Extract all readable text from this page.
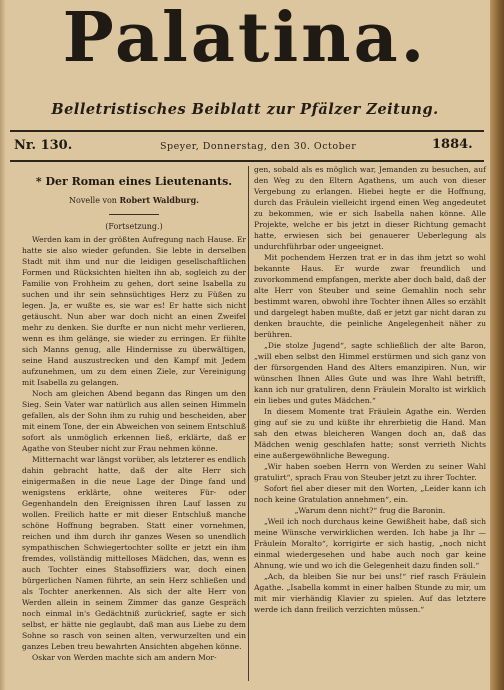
Palatina.
Belletristisches Beiblatt zur Pfälzer Zeitung.
Nr. 130.	Speyer, Donnerstag, den 30. October	1884.
* Der Roman eines Lieutenants.
Novelle von Robert Waldburg.
(Fortsetzung.)

Werden kam in der größten Aufregung nach Hause. Er hatte sie also wieder gefunden. Sie lebte in derselben Stadt mit ihm und nur die leidigen gesellschaftlichen Formen und Rücksichten hielten ihn ab, sogleich zu der Familie von Frohheim zu gehen, dort seine Isabella zu suchen und ihr sein sehnsüchtiges Herz zu Füßen zu legen. Ja, er wußte es, sie war es! Er hatte sich nicht getäuscht. Nun aber war doch nicht an einen Zweifel mehr zu denken. Sie durfte er nun nicht mehr verlieren, wenn es ihm gelänge, sie wieder zu erringen. Er fühlte sich Manns genug, alle Hindernisse zu überwältigen, seine Hand auszustrecken und den Kampf mit Jedem aufzunehmen, um zu dem einen Ziele, zur Vereinigung mit Isabella zu gelangen.

Noch am gleichen Abend begann das Ringen um den Sieg. Sein Vater war natürlich aus allen seinen Himmeln gefallen, als der Sohn ihm zu ruhig und bescheiden, aber mit einem Tone, der ein Abweichen von seinem Entschluß sofort als unmöglich erkennen ließ, erklärte, daß er Agathe von Steuber nicht zur Frau nehmen könne.

Mitternacht war längst vorüber, als letzterer es endlich dahin gebracht hatte, daß der alte Herr sich einigermaßen in die neue Lage der Dinge fand und wenigstens erklärte, ohne weiteres Für- oder Gegenhandeln den Ereignissen ihren Lauf lassen zu wollen. Freilich hatte er mit dieser Entschluß manche schöne Hoffnung begraben. Statt einer vornehmen, reichen und ihm durch ihr ganzes Wesen so unendlich sympathischen Schwiegertochter sollte er jetzt ein ihm fremdes, vollständig mittelloses Mädchen, das, wenn es auch Tochter eines Stabsoffiziers war, doch einen bürgerlichen Namen führte, an sein Herz schließen und als Tochter anerkennen. Als sich der alte Herr von Werden allein in seinem Zimmer das ganze Gespräch noch einmal in's Gedächtniß zurückrief, sagte er sich selbst, er hätte nie geglaubt, daß man aus Liebe zu dem Sohne so rasch von seinen alten, verwurzelten und ein ganzes Leben treu bewahrten Ansichten abgehen könne.

Oskar von Werden machte sich am andern Mor-

gen, sobald als es möglich war, Jemanden zu besuchen, auf den Weg zu den Eltern Agathens, um auch von dieser Vergebung zu erlangen. Hiebei hegte er die Hoffnung, durch das Fräulein vielleicht irgend einen Weg angedeutet zu bekommen, wie er sich Isabella nahen könne. Alle Projekte, welche er bis jetzt in dieser Richtung gemacht hatte, erwiesen sich bei genauerer Ueberlegung als undurchführbar oder ungeeignet.

Mit pochendem Herzen trat er in das ihm jetzt so wohl bekannte Haus. Er wurde zwar freundlich und zuvorkommend empfangen, merkte aber doch bald, daß der alte Herr von Steuber und seine Gemahlin noch sehr bestimmt waren, obwohl ihre Tochter ihnen Alles so erzählt und dargelegt haben mußte, daß er jetzt gar nicht daran zu denken brauchte, die peinliche Angelegenheit näher zu berühren.

„Die stolze Jugend“, sagte schließlich der alte Baron, „will eben selbst den Himmel erstürmen und sich ganz von der fürsorgenden Hand des Alters emanzipiren. Nun, wir wünschen Ihnen Alles Gute und was Ihre Wahl betrifft, kann ich nur gratuliren, denn Fräulein Moralto ist wirklich ein liebes und gutes Mädchen.“

In diesem Momente trat Fräulein Agathe ein. Werden ging auf sie zu und küßte ihr ehrerbietig die Hand. Man sah den etwas bleicheren Wangen doch an, daß das Mädchen wenig geschlafen hatte; sonst verrieth Nichts eine außergewöhnliche Bewegung.

„Wir haben soeben Herrn von Werden zu seiner Wahl gratulirt“, sprach Frau von Steuber jetzt zu ihrer Tochter.

Sofort fiel aber dieser mit den Worten, „Leider kann ich noch keine Gratulation annehmen“, ein.

„Warum denn nicht?“ frug die Baronin.

„Weil ich noch durchaus keine Gewißheit habe, daß sich meine Wünsche verwirklichen werden. Ich habe ja Ihr — Fräulein Moralto“, korrigirte er sich hastig, „noch nicht einmal wiedergesehen und habe auch noch gar keine Ahnung, wie und wo ich die Gelegenheit dazu finden soll.“

„Ach, da bleiben Sie nur bei uns!“ rief rasch Fräulein Agathe. „Isabella kommt in einer halben Stunde zu mir, um mit mir vierhändig Klavier zu spielen. Auf das letztere werde ich dann freilich verzichten müssen.“
